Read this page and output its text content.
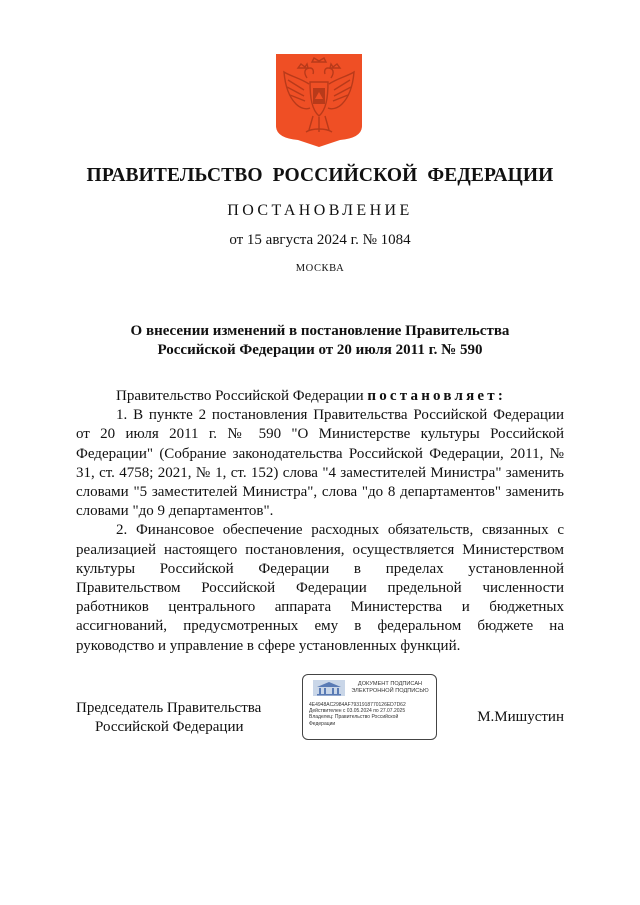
ПРАВИТЕЛЬСТВО РОССИЙСКОЙ ФЕДЕРАЦИИ
ПОСТАНОВЛЕНИЕ
от 15 августа 2024 г. № 1084
МОСКВА
О внесении изменений в постановление Правительства
Российской Федерации от 20 июля 2011 г. № 590

Правительство Российской Федерации постановляет:

1. В пункте 2 постановления Правительства Российской Федерации от 20 июля 2011 г. № 590 "О Министерстве культуры Российской Федерации" (Собрание законодательства Российской Федерации, 2011, № 31, ст. 4758; 2021, № 1, ст. 152) слова "4 заместителей Министра" заменить словами "5 заместителей Министра", слова "до 8 департаментов" заменить словами "до 9 департаментов".

2. Финансовое обеспечение расходных обязательств, связанных с реализацией настоящего постановления, осуществляется Министерством культуры Российской Федерации в пределах установленной Правительством Российской Федерации предельной численности работников центрального аппарата Министерства и бюджетных ассигнований, предусмотренных ему в федеральном бюджете на руководство и управление в сфере установленных функций.

Председатель Правительства
Российской Федерации
ДОКУМЕНТ ПОДПИСАН
ЭЛЕКТРОННОЙ ПОДПИСЬЮ
4E4948AC2984AF7931918770126ED7D62
Действителен с 03.05.2024 по 27.07.2025
Владелец: Правительство Российской
Федерации	М.Мишустин
